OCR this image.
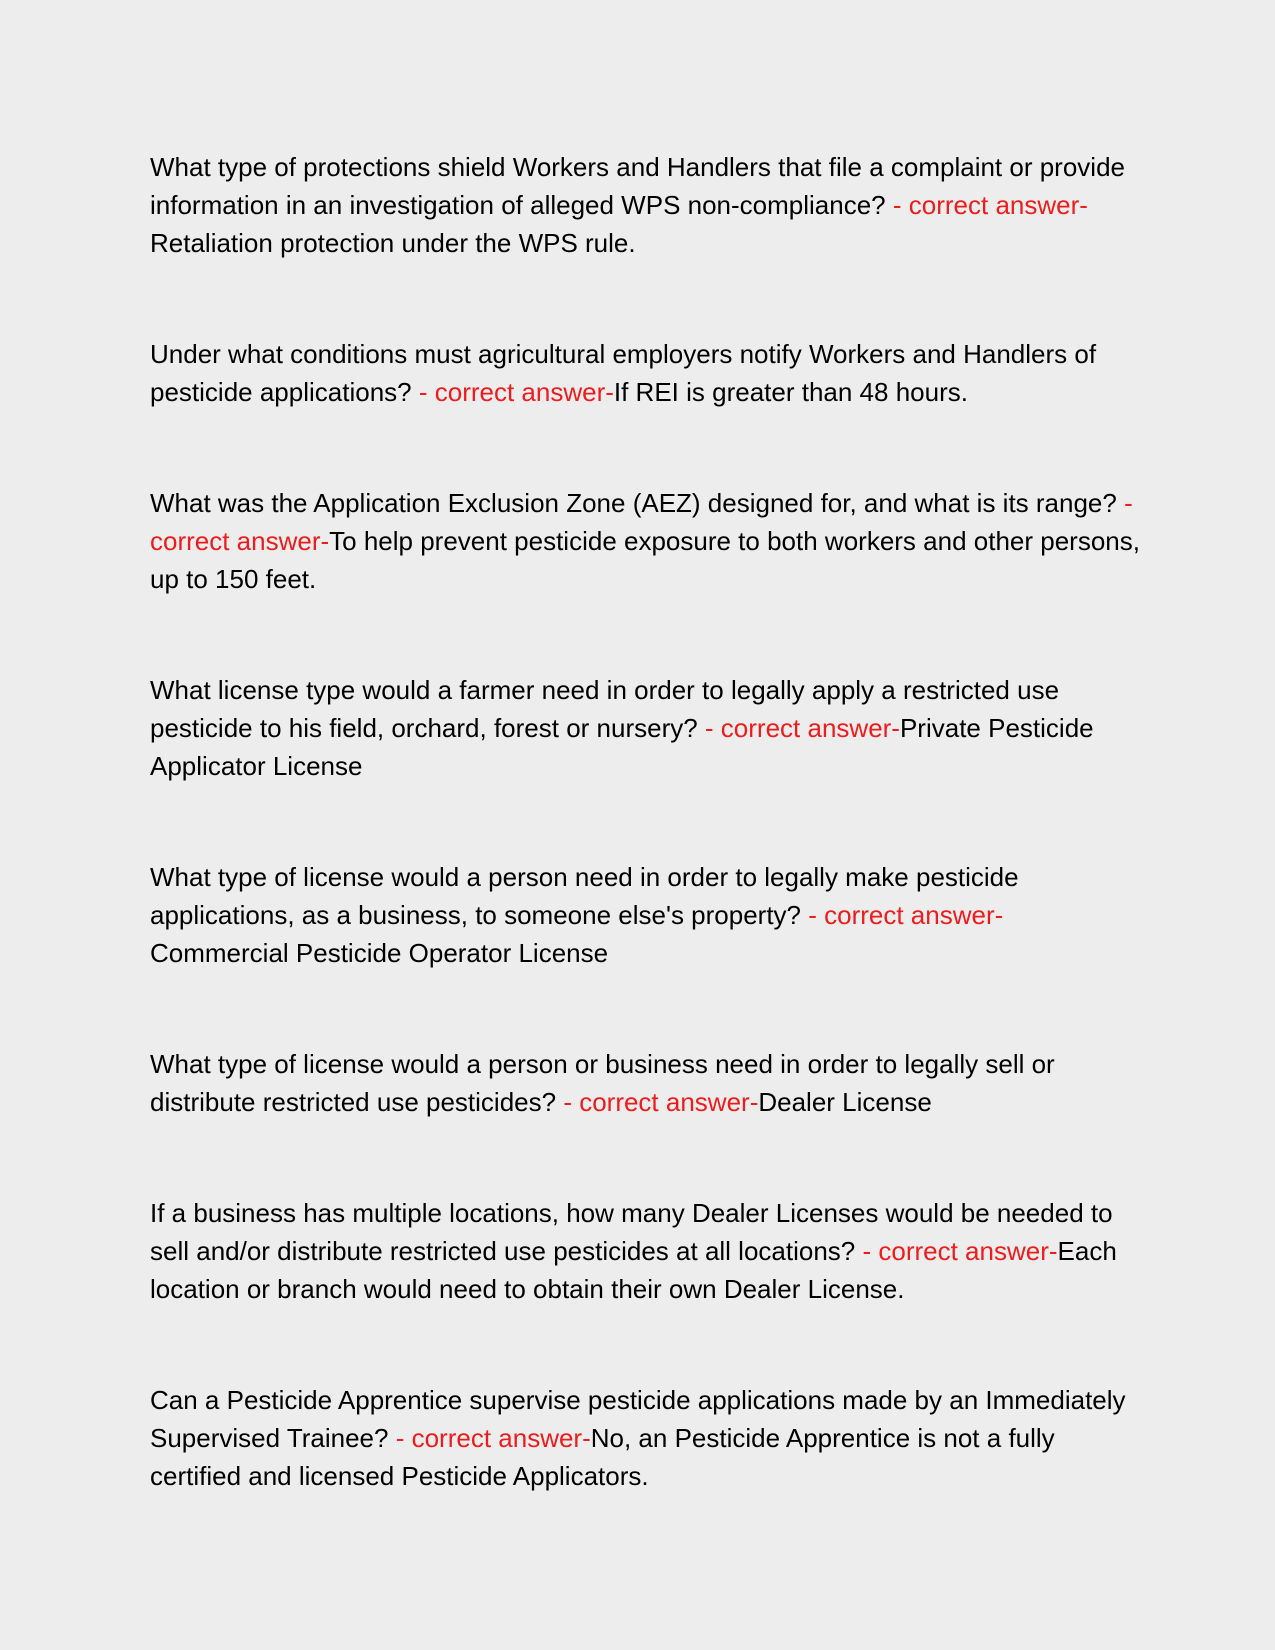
What type of protections shield Workers and Handlers that file a complaint or provide information in an investigation of alleged WPS non-compliance? - correct answer-Retaliation protection under the WPS rule.

Under what conditions must agricultural employers notify Workers and Handlers of pesticide applications? - correct answer-If REI is greater than 48 hours.

What was the Application Exclusion Zone (AEZ) designed for, and what is its range? - correct answer-To help prevent pesticide exposure to both workers and other persons, up to 150 feet.

What license type would a farmer need in order to legally apply a restricted use pesticide to his field, orchard, forest or nursery? - correct answer-Private Pesticide Applicator License

What type of license would a person need in order to legally make pesticide applications, as a business, to someone else's property? - correct answer-Commercial Pesticide Operator License

What type of license would a person or business need in order to legally sell or distribute restricted use pesticides? - correct answer-Dealer License

If a business has multiple locations, how many Dealer Licenses would be needed to sell and/or distribute restricted use pesticides at all locations? - correct answer-Each location or branch would need to obtain their own Dealer License.

Can a Pesticide Apprentice supervise pesticide applications made by an Immediately Supervised Trainee? - correct answer-No, an Pesticide Apprentice is not a fully certified and licensed Pesticide Applicators.
